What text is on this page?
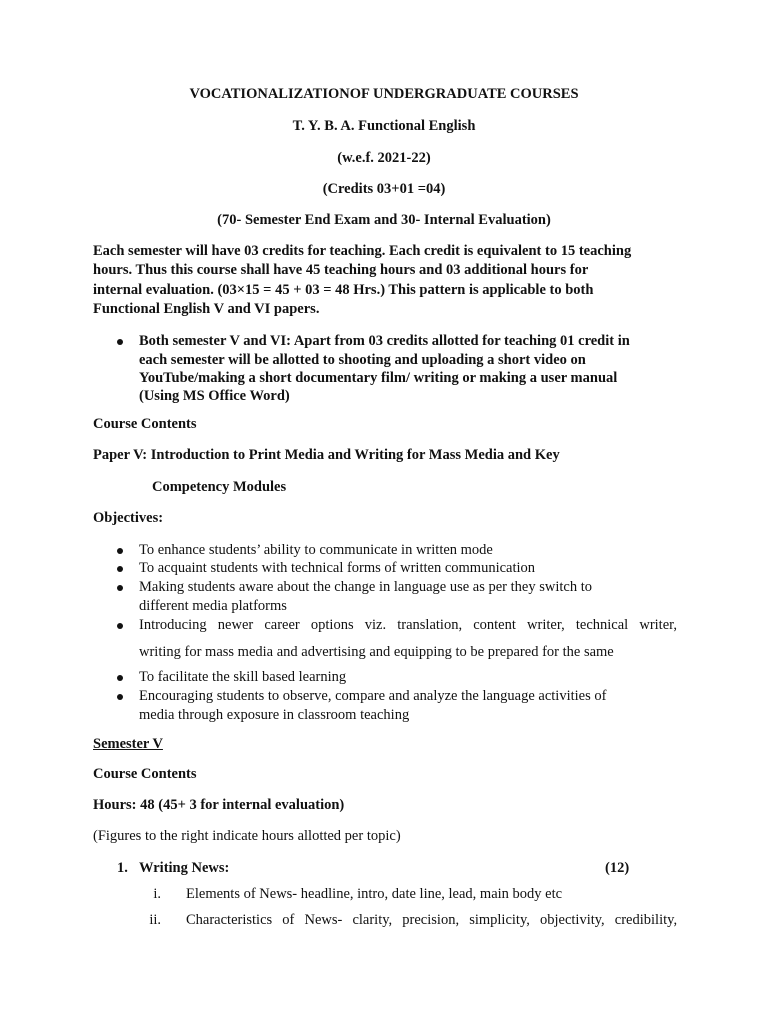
VOCATIONALIZATIONOF UNDERGRADUATE COURSES
T. Y. B. A. Functional English
(w.e.f. 2021-22)
(Credits 03+01 =04)
(70- Semester End Exam and 30- Internal Evaluation)
Each semester will have 03 credits for teaching. Each credit is equivalent to 15 teaching
hours. Thus this course shall have 45 teaching hours and 03 additional hours for
internal evaluation. (03×15 = 45 + 03 = 48 Hrs.) This pattern is applicable to both
Functional English V and VI papers.
Both semester V and VI: Apart from 03 credits allotted for teaching 01 credit in
each semester will be allotted to shooting and uploading a short video on
YouTube/making a short documentary film/ writing or making a user manual
(Using MS Office Word)
Course Contents
Paper V: Introduction to Print Media and Writing for Mass Media and Key
Competency Modules
Objectives:
To enhance students’ ability to communicate in written mode
To acquaint students with technical forms of written communication
Making students aware about the change in language use as per they switch to
different media platforms
Introducing newer career options viz. translation, content writer, technical writer,
writing for mass media and advertising and equipping to be prepared for the same
To facilitate the skill based learning
Encouraging students to observe, compare and analyze the language activities of
media through exposure in classroom teaching
Semester V
Course Contents
Hours: 48 (45+ 3 for internal evaluation)
(Figures to the right indicate hours allotted per topic)
1. Writing News:	(12)
i. Elements of News- headline, intro, date line, lead, main body etc
ii. Characteristics of News- clarity, precision, simplicity, objectivity, credibility,
